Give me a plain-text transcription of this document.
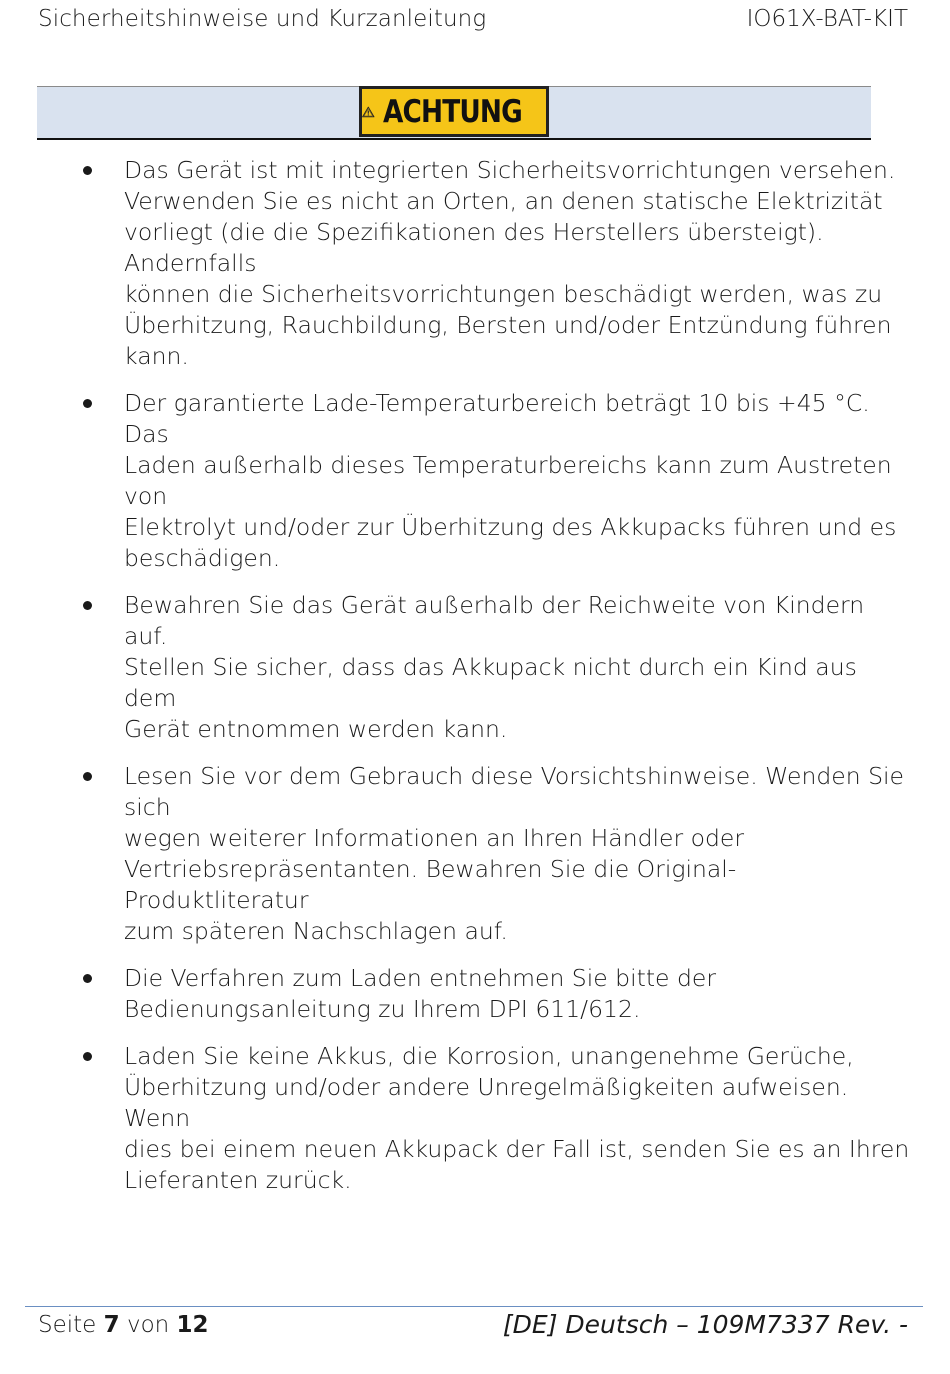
Sicherheitshinweise und Kurzanleitung	IO61X-BAT-KIT
ACHTUNG
Das Gerät ist mit integrierten Sicherheitsvorrichtungen versehen.
Verwenden Sie es nicht an Orten, an denen statische Elektrizität
vorliegt (die die Spezifikationen des Herstellers übersteigt). Andernfalls
können die Sicherheitsvorrichtungen beschädigt werden, was zu
Überhitzung, Rauchbildung, Bersten und/oder Entzündung führen
kann.
Der garantierte Lade-Temperaturbereich beträgt 10 bis +45 °C. Das
Laden außerhalb dieses Temperaturbereichs kann zum Austreten von
Elektrolyt und/oder zur Überhitzung des Akkupacks führen und es
beschädigen.
Bewahren Sie das Gerät außerhalb der Reichweite von Kindern auf.
Stellen Sie sicher, dass das Akkupack nicht durch ein Kind aus dem
Gerät entnommen werden kann.
Lesen Sie vor dem Gebrauch diese Vorsichtshinweise. Wenden Sie sich
wegen weiterer Informationen an Ihren Händler oder
Vertriebsrepräsentanten. Bewahren Sie die Original-Produktliteratur
zum späteren Nachschlagen auf.
Die Verfahren zum Laden entnehmen Sie bitte der
Bedienungsanleitung zu Ihrem DPI 611/612.
Laden Sie keine Akkus, die Korrosion, unangenehme Gerüche,
Überhitzung und/oder andere Unregelmäßigkeiten aufweisen. Wenn
dies bei einem neuen Akkupack der Fall ist, senden Sie es an Ihren
Lieferanten zurück.
Seite 7 von 12	[DE] Deutsch – 109M7337 Rev. -
